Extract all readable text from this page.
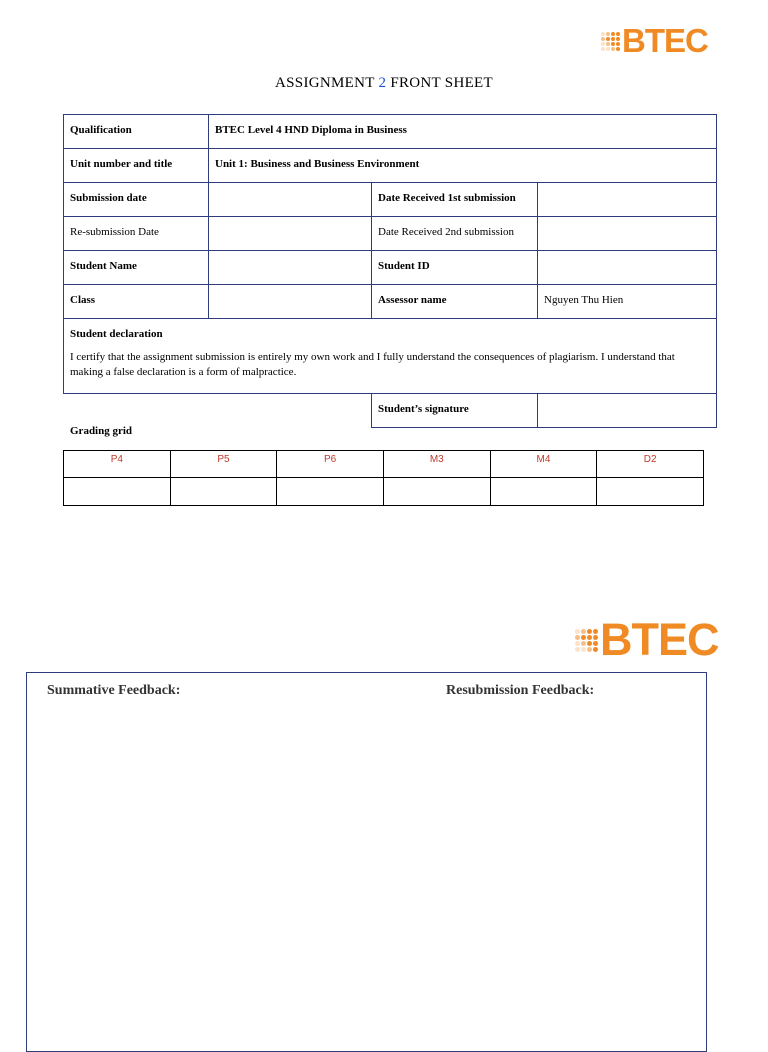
BTEC
ASSIGNMENT 2 FRONT SHEET
Qualification	BTEC Level 4 HND Diploma in Business		
Unit number and title	Unit 1: Business and Business Environment		
Submission date		Date Received 1st submission	
Re-submission Date		Date Received 2nd submission	
Student Name		Student ID	
Class		Assessor name	Nguyen Thu Hien

Student declaration
I certify that the assignment submission is entirely my own work and I fully understand the consequences of plagiarism. I understand that making a false declaration is a form of malpractice.			

		Student’s signature	
Grading grid
P4	P5	P6	M3	M4	D2

BTEC
Summative Feedback:	Resubmission Feedback:
